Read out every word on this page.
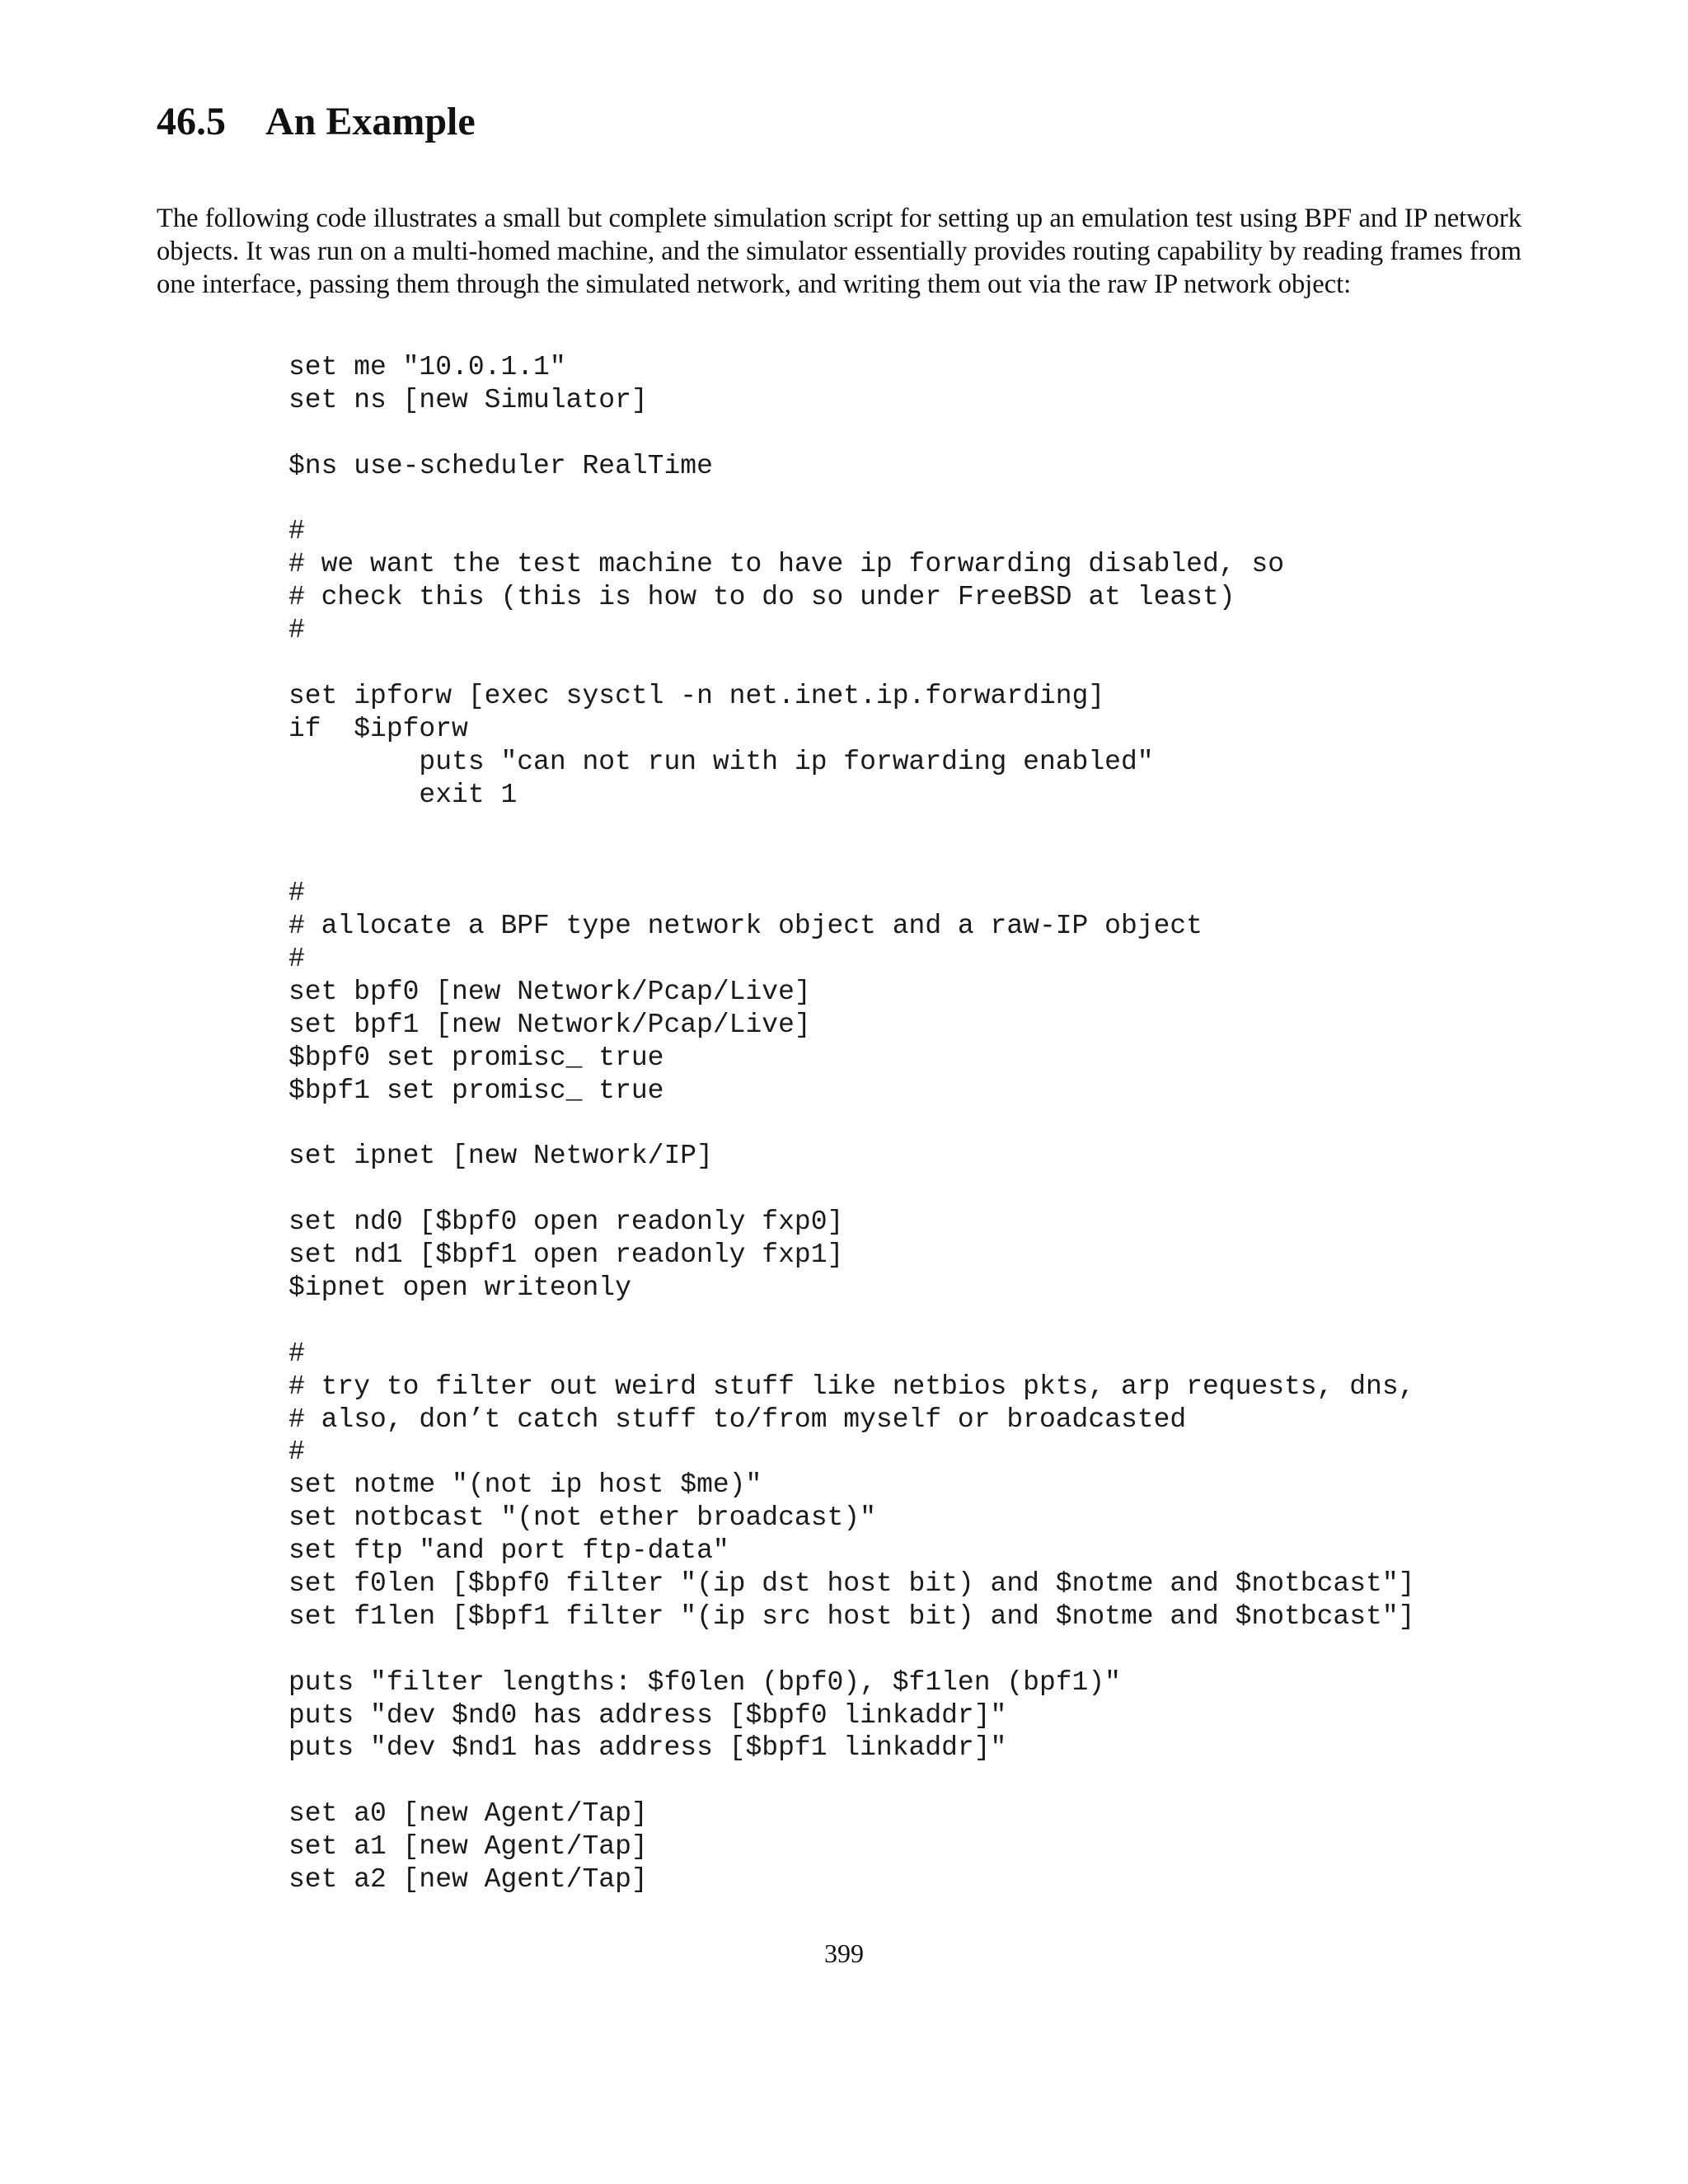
46.5 An Example

The following code illustrates a small but complete simulation script for setting up an emulation test using BPF and IP network objects. It was run on a multi-homed machine, and the simulator essentially provides routing capability by reading frames from one interface, passing them through the simulated network, and writing them out via the raw IP network object:

set me "10.0.1.1"
set ns [new Simulator]
$ns use-scheduler RealTime
#
# we want the test machine to have ip forwarding disabled, so
# check this (this is how to do so under FreeBSD at least)
#
set ipforw [exec sysctl -n net.inet.ip.forwarding]
if  $ipforw
puts "can not run with ip forwarding enabled"
exit 1
#
# allocate a BPF type network object and a raw-IP object
#
set bpf0 [new Network/Pcap/Live]
set bpf1 [new Network/Pcap/Live]
$bpf0 set promisc_ true
$bpf1 set promisc_ true
set ipnet [new Network/IP]
set nd0 [$bpf0 open readonly fxp0]
set nd1 [$bpf1 open readonly fxp1]
$ipnet open writeonly
#
# try to filter out weird stuff like netbios pkts, arp requests, dns,
# also, don’t catch stuff to/from myself or broadcasted
#
set notme "(not ip host $me)"
set notbcast "(not ether broadcast)"
set ftp "and port ftp-data"
set f0len [$bpf0 filter "(ip dst host bit) and $notme and $notbcast"]
set f1len [$bpf1 filter "(ip src host bit) and $notme and $notbcast"]
puts "filter lengths: $f0len (bpf0), $f1len (bpf1)"
puts "dev $nd0 has address [$bpf0 linkaddr]"
puts "dev $nd1 has address [$bpf1 linkaddr]"
set a0 [new Agent/Tap]
set a1 [new Agent/Tap]
set a2 [new Agent/Tap]
399
